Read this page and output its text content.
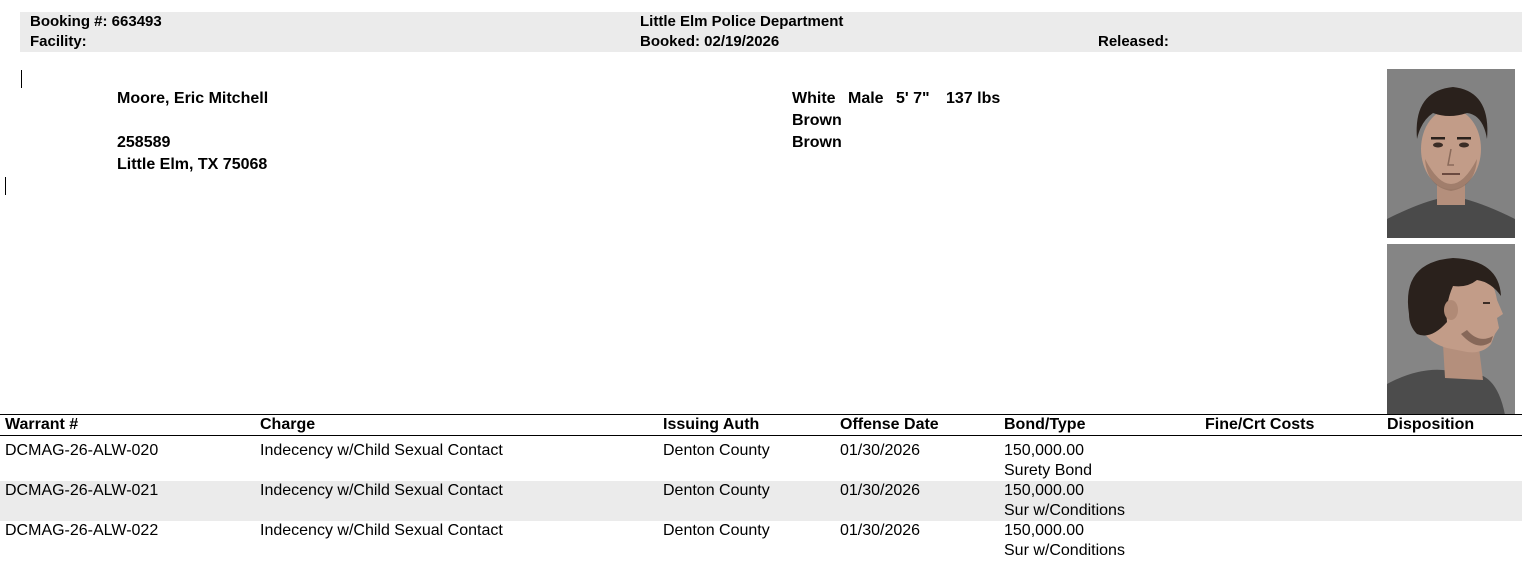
Booking #: 663493
Facility:
Little Elm Police Department
Booked: 02/19/2026	Released:
Moore, Eric Mitchell
258589
Little Elm, TX 75068
White Male 5' 7" 137 lbs
Brown
Brown
Warrant #	Charge	Issuing Auth	Offense Date	Bond/Type	Fine/Crt Costs	Disposition
DCMAG-26-ALW-020	Indecency w/Child Sexual Contact	Denton County	01/30/2026	150,000.00
Surety Bond
DCMAG-26-ALW-021	Indecency w/Child Sexual Contact	Denton County	01/30/2026	150,000.00
Sur w/Conditions
DCMAG-26-ALW-022	Indecency w/Child Sexual Contact	Denton County	01/30/2026	150,000.00
Sur w/Conditions
